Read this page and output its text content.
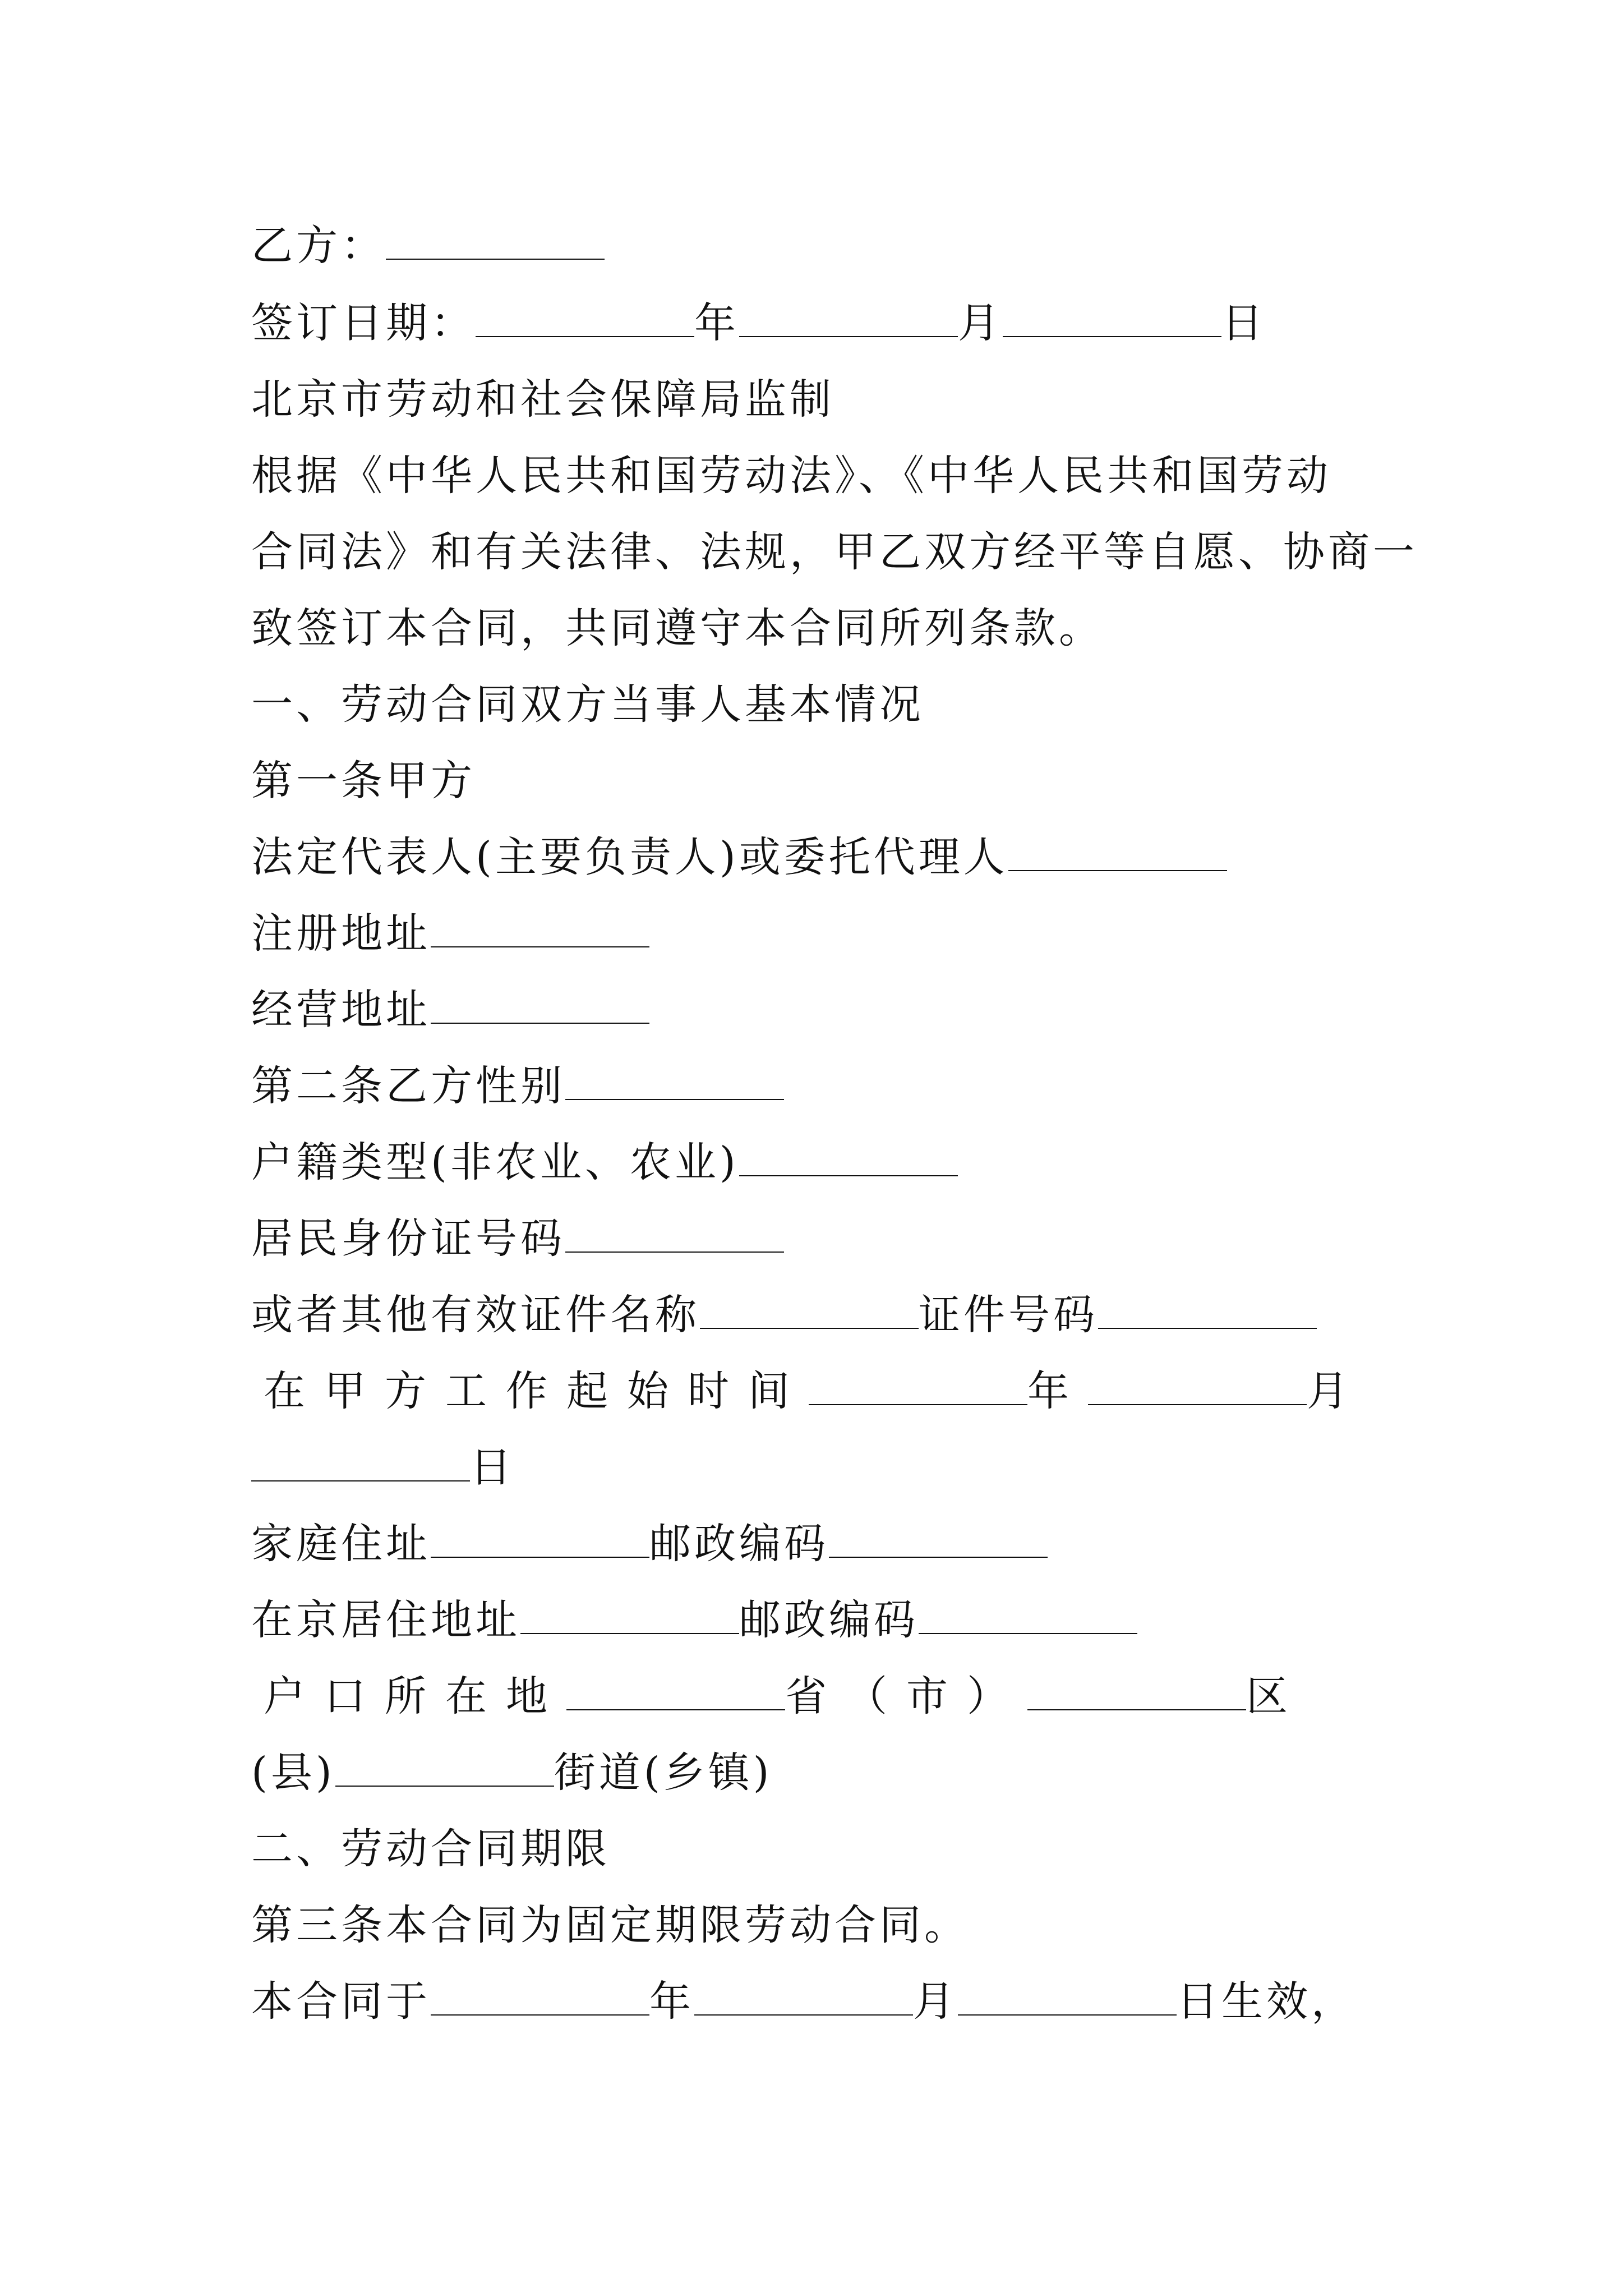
乙方：
签订日期：	年	月	日
北京市劳动和社会保障局监制
根据《中华人民共和国劳动法》、《中华人民共和国劳动
合同法》和有关法律、法规，甲乙双方经平等自愿、协商一
致签订本合同，共同遵守本合同所列条款。
一、劳动合同双方当事人基本情况
第一条甲方
法定代表人(主要负责人)或委托代理人
注册地址
经营地址
第二条乙方性别
户籍类型(非农业、农业)
居民身份证号码
或者其他有效证件名称	证件号码
在甲方工作起始时间	年	月
日
家庭住址	邮政编码
在京居住地址	邮政编码
户口所在地	省（市）	区
(县)	街道(乡镇)
二、劳动合同期限
第三条本合同为固定期限劳动合同。
本合同于	年	月	日生效，
